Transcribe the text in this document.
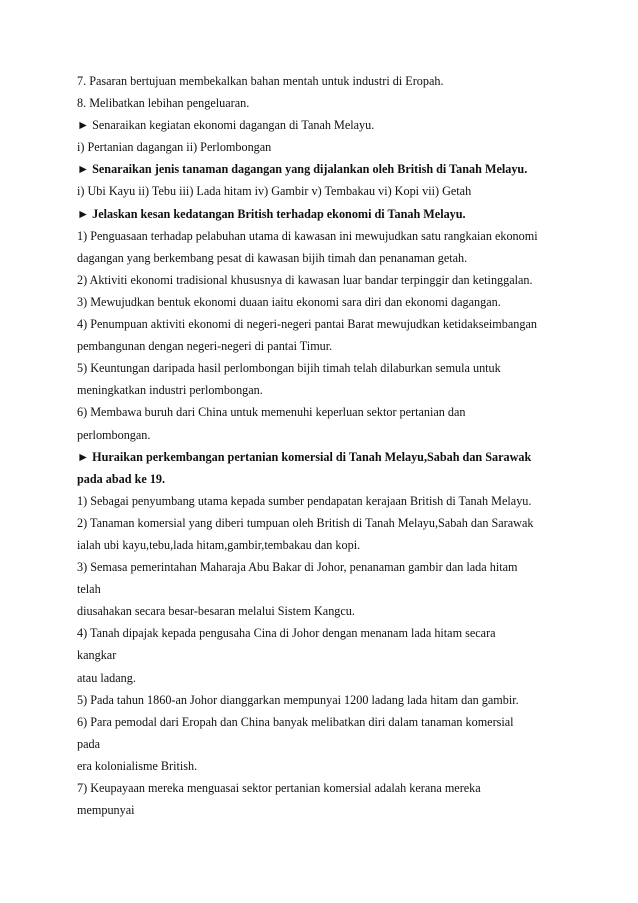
7. Pasaran bertujuan membekalkan bahan mentah untuk industri di Eropah.

8. Melibatkan lebihan pengeluaran.

► Senaraikan kegiatan ekonomi dagangan di Tanah Melayu.

i) Pertanian dagangan ii) Perlombongan

► Senaraikan jenis tanaman dagangan yang dijalankan oleh British di Tanah Melayu.

i) Ubi Kayu ii) Tebu iii) Lada hitam iv) Gambir v) Tembakau vi) Kopi vii) Getah

► Jelaskan kesan kedatangan British terhadap ekonomi di Tanah Melayu.

1) Penguasaan terhadap pelabuhan utama di kawasan ini mewujudkan satu rangkaian ekonomi

dagangan yang berkembang pesat di kawasan bijih timah dan penanaman getah.

2) Aktiviti ekonomi tradisional khususnya di kawasan luar bandar terpinggir dan ketinggalan.

3) Mewujudkan bentuk ekonomi duaan iaitu ekonomi sara diri dan ekonomi dagangan.

4) Penumpuan aktiviti ekonomi di negeri-negeri pantai Barat mewujudkan ketidakseimbangan

pembangunan dengan negeri-negeri di pantai Timur.

5) Keuntungan daripada hasil perlombongan bijih timah telah dilaburkan semula untuk

meningkatkan industri perlombongan.

6) Membawa buruh dari China untuk memenuhi keperluan sektor pertanian dan

perlombongan.

► Huraikan perkembangan pertanian komersial di Tanah Melayu,Sabah dan Sarawak

pada abad ke 19.

1) Sebagai penyumbang utama kepada sumber pendapatan kerajaan British di Tanah Melayu.

2) Tanaman komersial yang diberi tumpuan oleh British di Tanah Melayu,Sabah dan Sarawak

ialah ubi kayu,tebu,lada hitam,gambir,tembakau dan kopi.

3) Semasa pemerintahan Maharaja Abu Bakar di Johor, penanaman gambir dan lada hitam

telah

diusahakan secara besar-besaran melalui Sistem Kangcu.

4) Tanah dipajak kepada pengusaha Cina di Johor dengan menanam lada hitam secara

kangkar

atau ladang.

5) Pada tahun 1860-an Johor dianggarkan mempunyai 1200 ladang lada hitam dan gambir.

6) Para pemodal dari Eropah dan China banyak melibatkan diri dalam tanaman komersial

pada

era kolonialisme British.

7) Keupayaan mereka menguasai sektor pertanian komersial adalah kerana mereka

mempunyai
